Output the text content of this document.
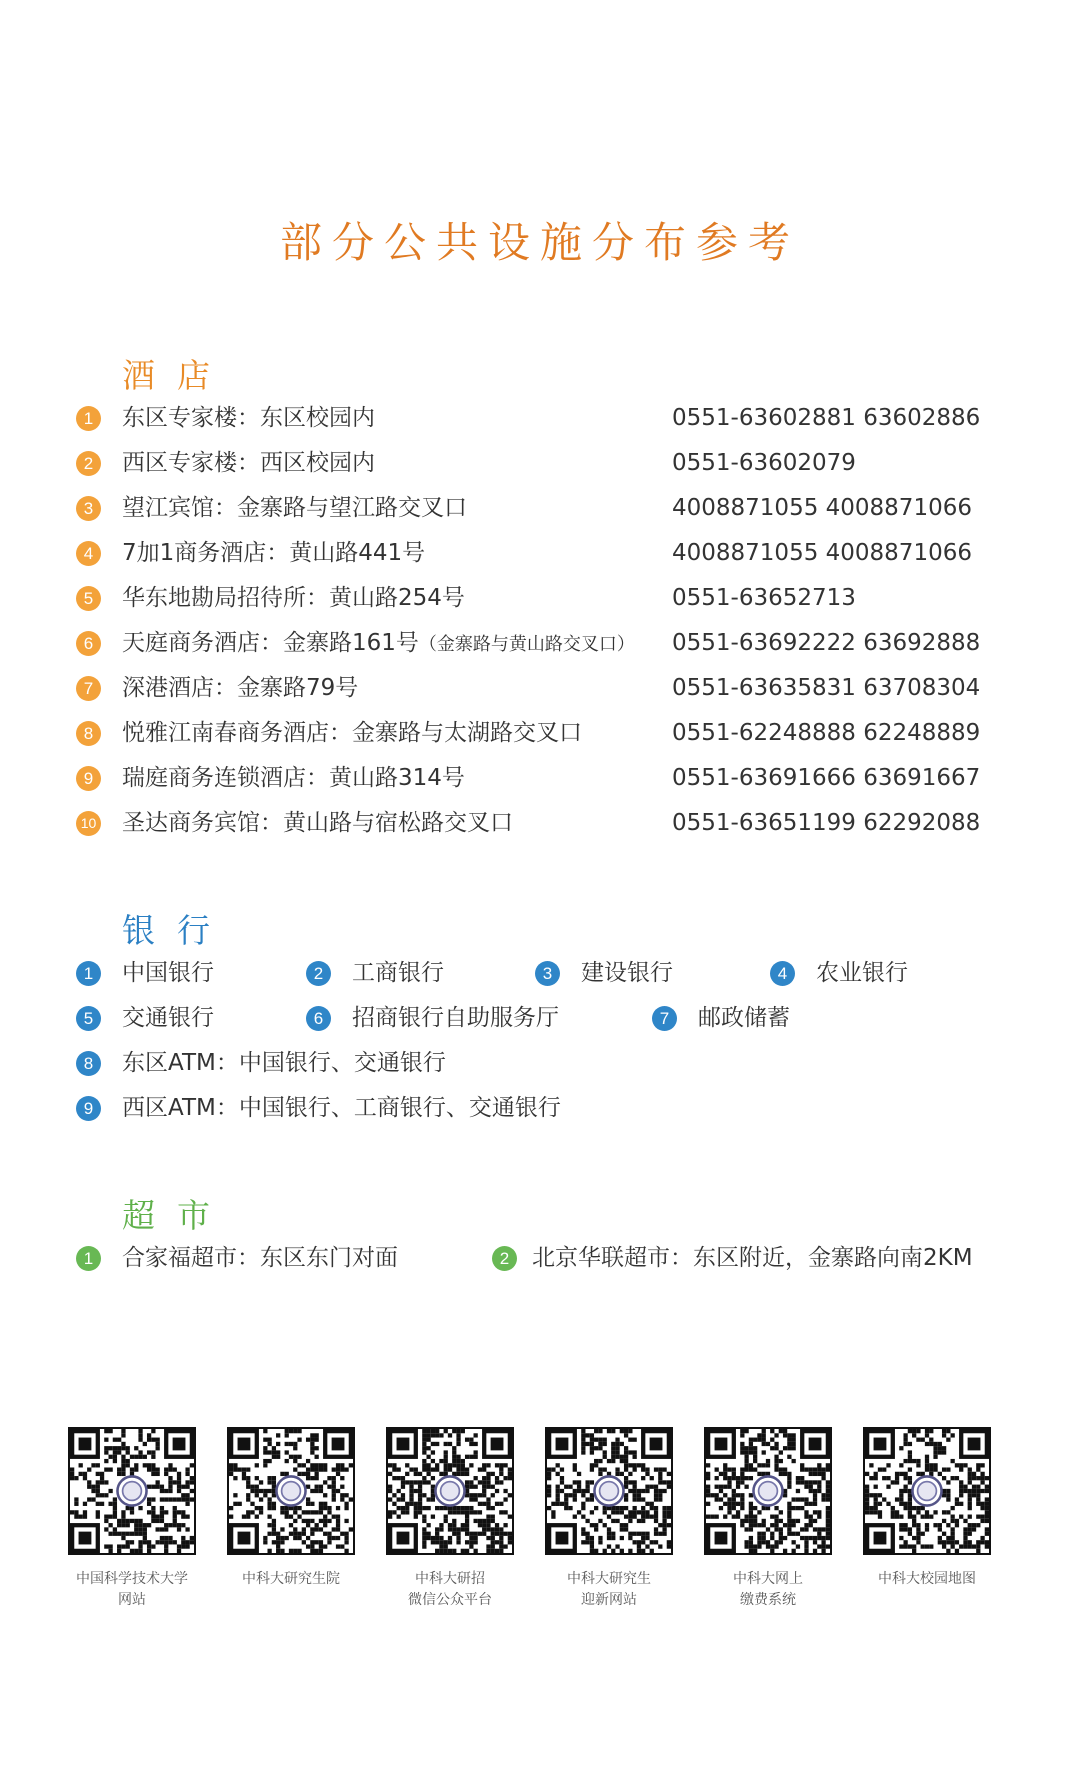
部分公共设施分布参考
酒店
1	东区专家楼：东区校园内	0551-63602881 63602886
2	西区专家楼：西区校园内	0551-63602079
3	望江宾馆：金寨路与望江路交叉口	4008871055 4008871066
4	7加1商务酒店：黄山路441号	4008871055 4008871066
5	华东地勘局招待所：黄山路254号	0551-63652713
6	天庭商务酒店：金寨路161号（金寨路与黄山路交叉口） 0551-63692222 63692888
7	深港酒店：金寨路79号	0551-63635831 63708304
8	悦雅江南春商务酒店：金寨路与太湖路交叉口	0551-62248888 62248889
9	瑞庭商务连锁酒店：黄山路314号	0551-63691666 63691667
10 圣达商务宾馆：黄山路与宿松路交叉口	0551-63651199 62292088
银行
1	中国银行	2	工商银行	3	建设银行	4	农业银行
5	交通银行	6	招商银行自助服务厅	7	邮政储蓄
8	东区ATM：中国银行、交通银行
9	西区ATM：中国银行、工商银行、交通银行
超市
1	合家福超市：东区东门对面	2 北京华联超市：东区附近，金寨路向南2KM
中国科学技术大学
网站
中科大研究生院	中科大研招
微信公众平台
中科大研究生
迎新网站
中科大网上
缴费系统
中科大校园地图
